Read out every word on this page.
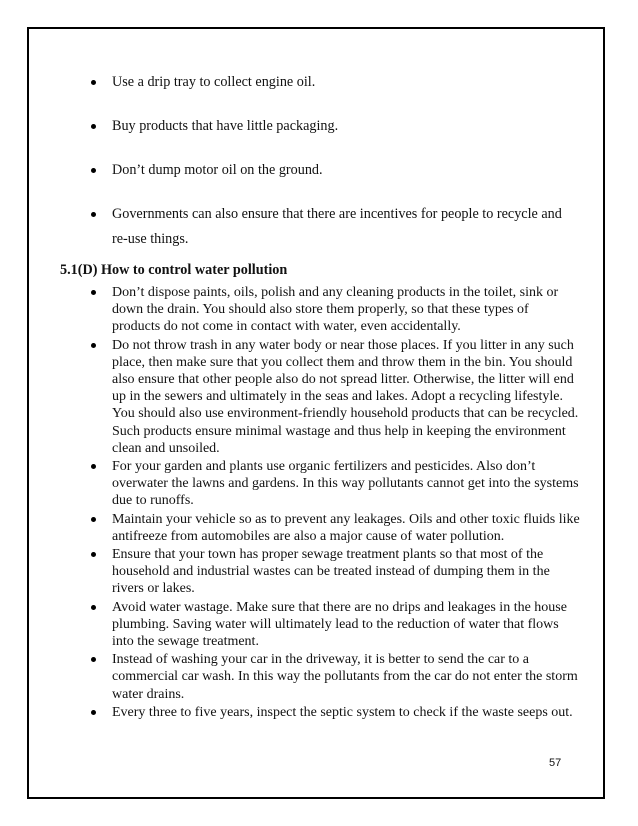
Use a drip tray to collect engine oil.
Buy products that have little packaging.
Don’t dump motor oil on the ground.
Governments can also ensure that there are incentives for people to recycle and re-use things.
5.1(D) How to control water pollution
Don’t dispose paints, oils, polish and any cleaning products in the toilet, sink or down the drain. You should also store them properly, so that these types of products do not come in contact with water, even accidentally.
Do not throw trash in any water body or near those places. If you litter in any such place, then make sure that you collect them and throw them in the bin. You should also ensure that other people also do not spread litter. Otherwise, the litter will end up in the sewers and ultimately in the seas and lakes. Adopt a recycling lifestyle. You should also use environment-friendly household products that can be recycled. Such products ensure minimal wastage and thus help in keeping the environment clean and unsoiled.
For your garden and plants use organic fertilizers and pesticides. Also don’t overwater the lawns and gardens. In this way pollutants cannot get into the systems due to runoffs.
Maintain your vehicle so as to prevent any leakages. Oils and other toxic fluids like antifreeze from automobiles are also a major cause of water pollution.
Ensure that your town has proper sewage treatment plants so that most of the household and industrial wastes can be treated instead of dumping them in the rivers or lakes.
Avoid water wastage. Make sure that there are no drips and leakages in the house plumbing. Saving water will ultimately lead to the reduction of water that flows into the sewage treatment.
Instead of washing your car in the driveway, it is better to send the car to a commercial car wash. In this way the pollutants from the car do not enter the storm water drains.
Every three to five years, inspect the septic system to check if the waste seeps out.
57
